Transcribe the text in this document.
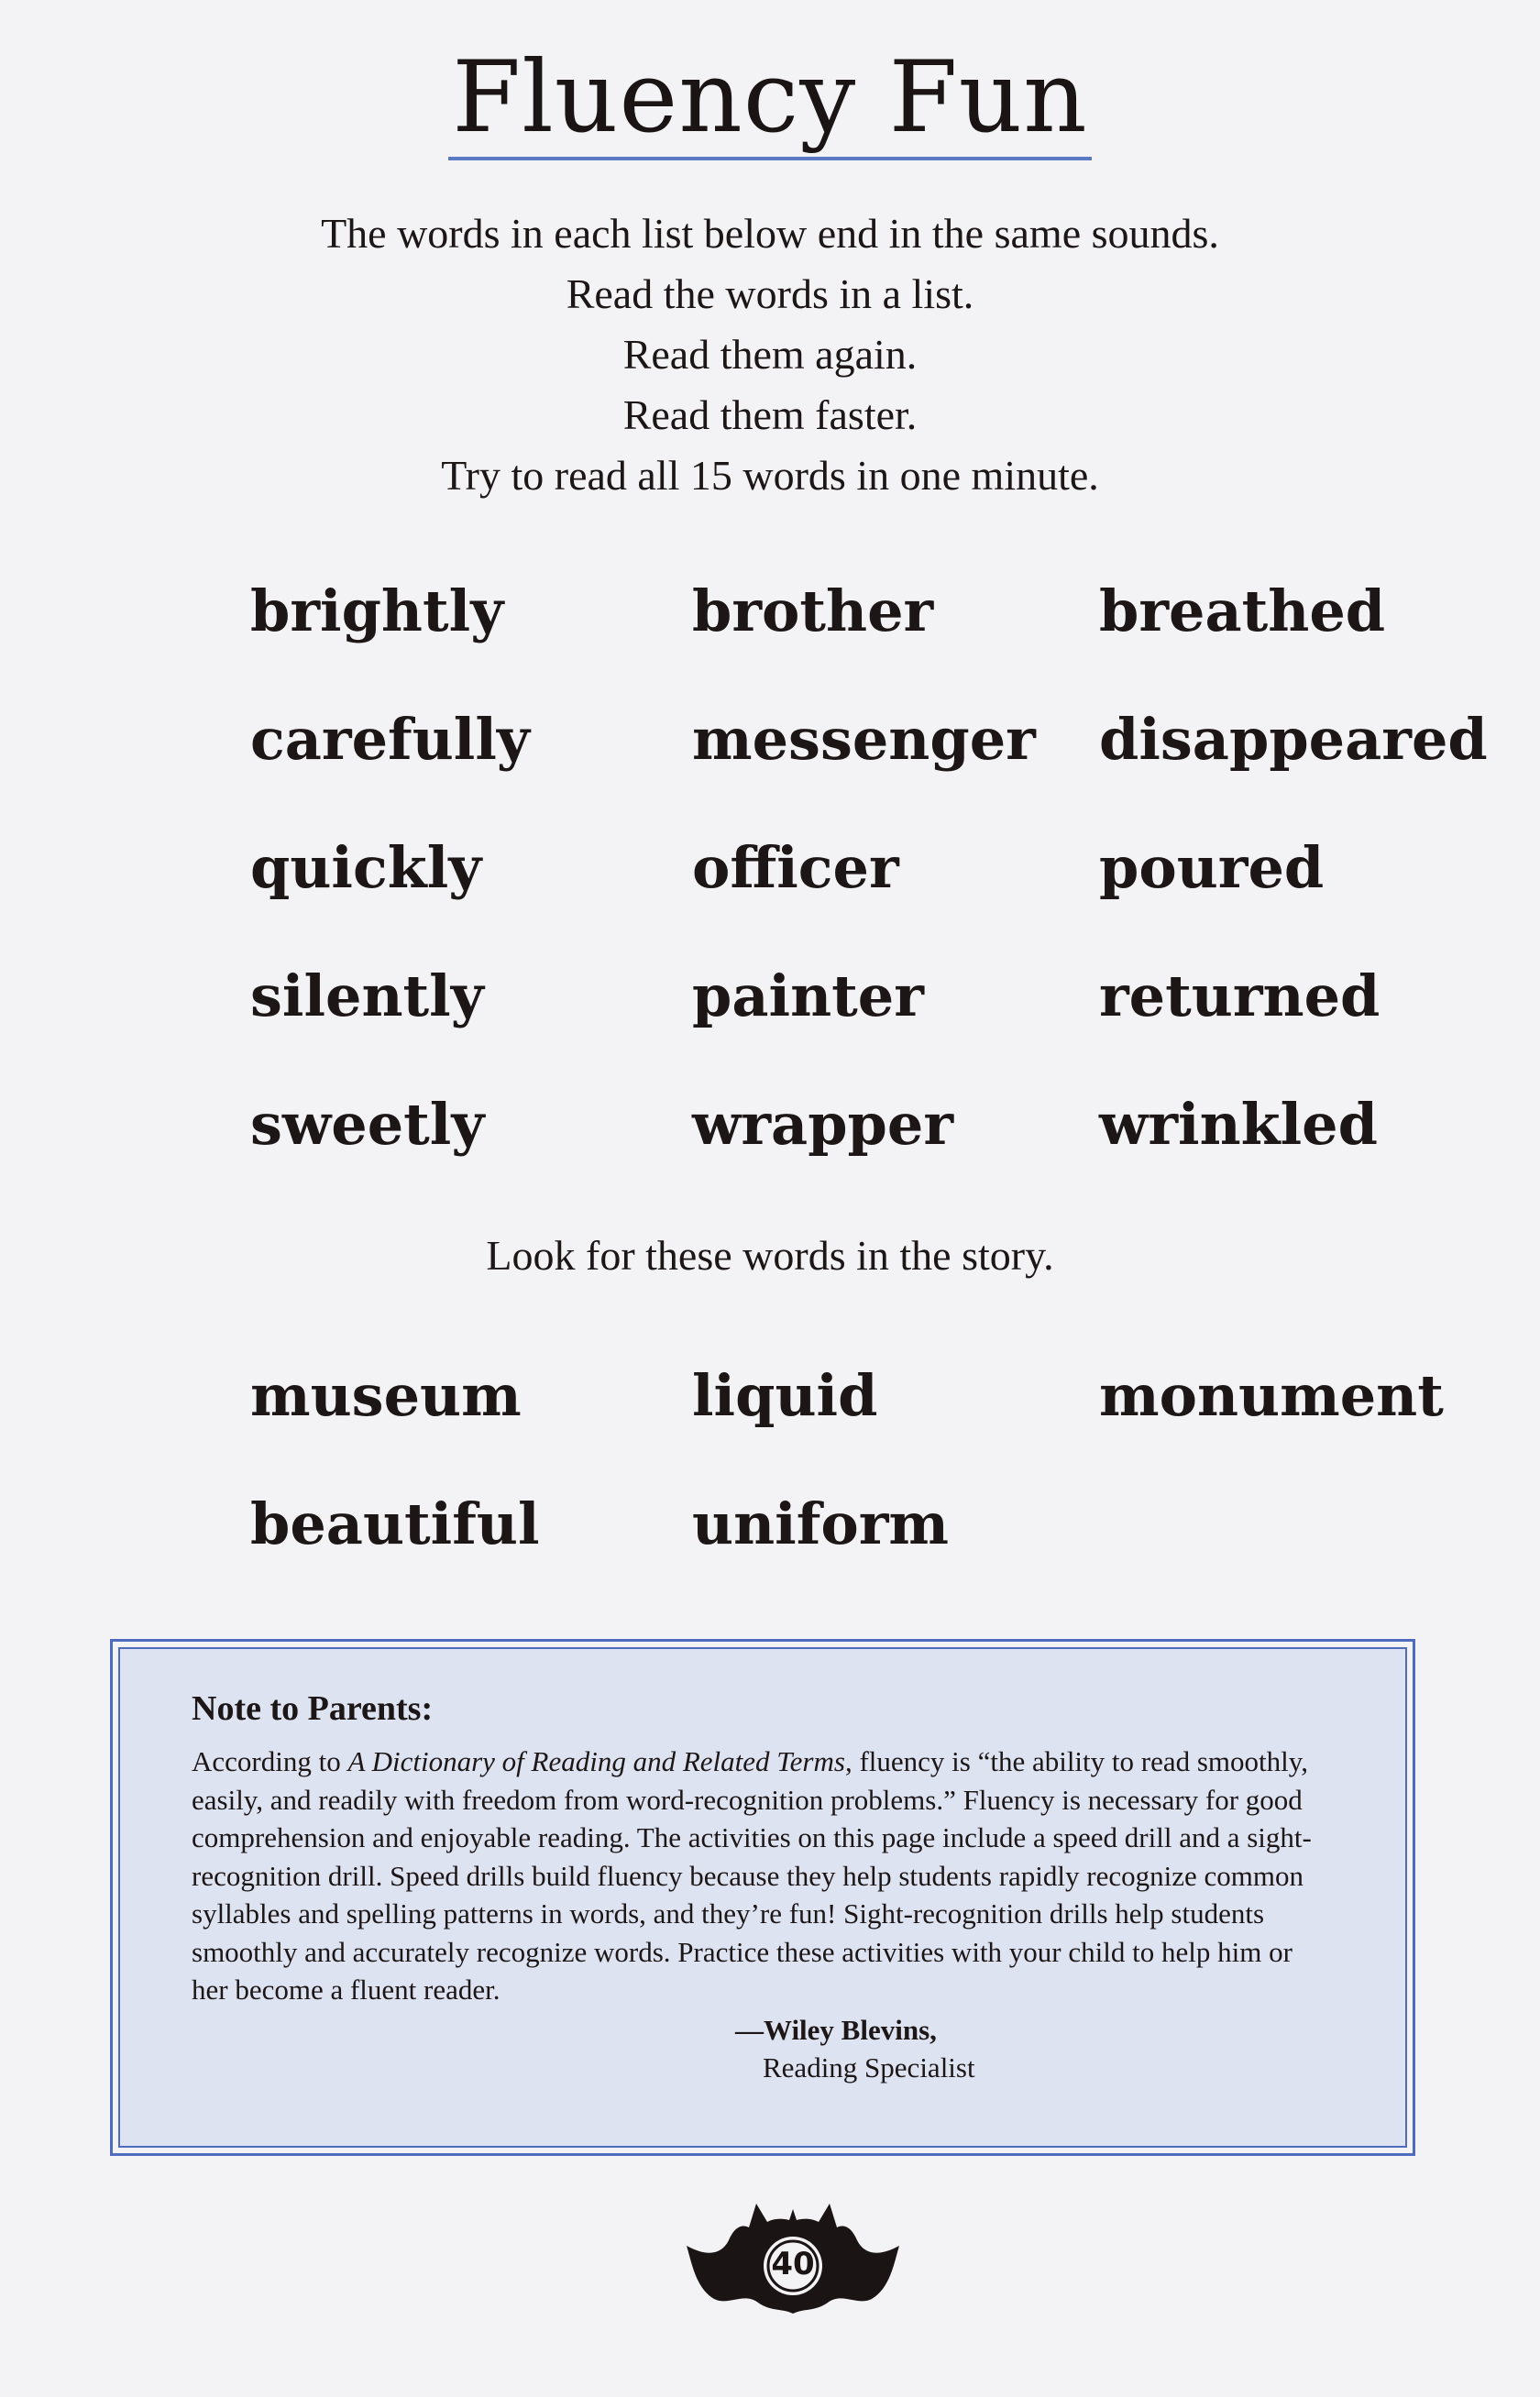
Fluency Fun
The words in each list below end in the same sounds.
Read the words in a list.
Read them again.
Read them faster.
Try to read all 15 words in one minute.
brightly	brother	breathed
carefully	messenger	disappeared
quickly	officer	poured
silently	painter	returned
sweetly	wrapper	wrinkled
Look for these words in the story.
museum	liquid	monument
beautiful	uniform
Note to Parents:
According to A Dictionary of Reading and Related Terms, fluency is “the ability to read smoothly, easily, and readily with freedom from word-recognition problems.” Fluency is necessary for good comprehension and enjoyable reading. The activities on this page include a speed drill and a sight-recognition drill. Speed drills build fluency because they help students rapidly recognize common syllables and spelling patterns in words, and they’re fun! Sight-recognition drills help students smoothly and accurately recognize words. Practice these activities with your child to help him or her become a fluent reader.
—Wiley Blevins,
Reading Specialist
40
